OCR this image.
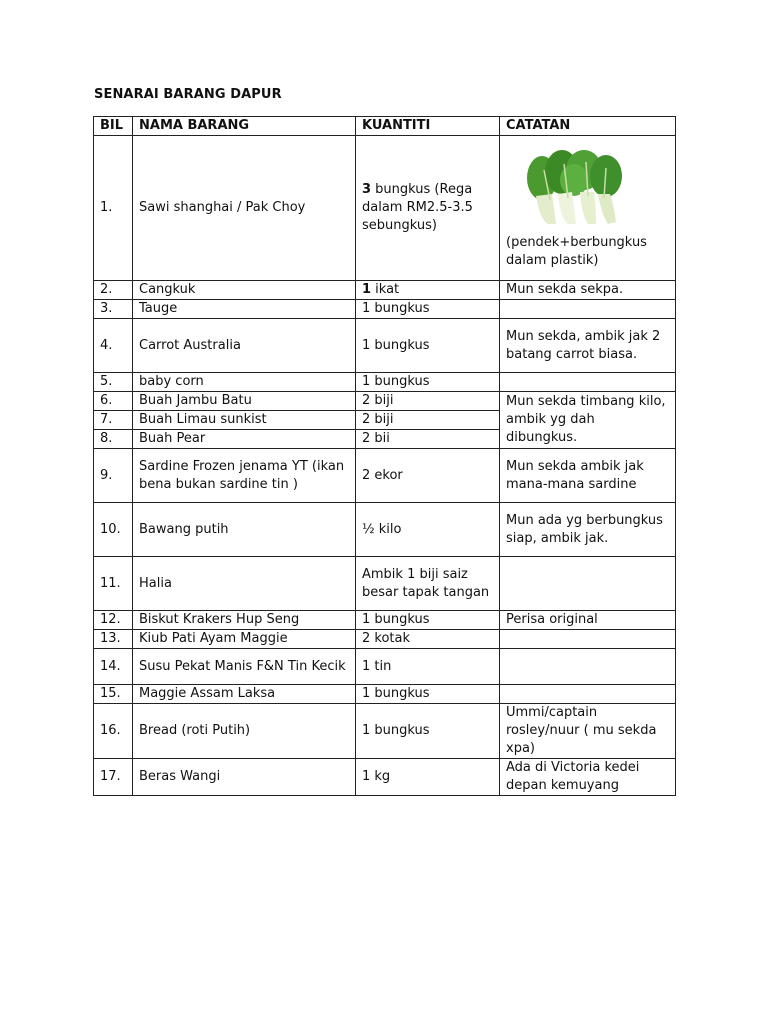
SENARAI BARANG DAPUR
BIL	NAMA BARANG	KUANTITI	CATATAN
1.	Sawi shanghai / Pak Choy	3 bungkus (Rega dalam RM2.5-3.5 sebungkus)	(pendek+berbungkus dalam plastik)

2.	Cangkuk	1 ikat	Mun sekda sekpa.
3.	Tauge	1 bungkus	
4.	Carrot Australia	1 bungkus	Mun sekda, ambik jak 2 batang carrot biasa.
5.	baby corn	1 bungkus	
6.	Buah Jambu Batu	2 biji	Mun sekda timbang kilo, ambik yg dah dibungkus.
7.	Buah Limau sunkist	2 biji	
8.	Buah Pear	2 bii	
9.	Sardine Frozen jenama YT (ikan bena bukan sardine tin )	2 ekor	Mun sekda ambik jak mana-mana sardine
10.	Bawang putih	½ kilo	Mun ada yg berbungkus siap, ambik jak.
11.	Halia	Ambik 1 biji saiz besar tapak tangan	
12.	Biskut Krakers Hup Seng	1 bungkus	Perisa original
13.	Kiub Pati Ayam Maggie	2 kotak	
14.	Susu Pekat Manis F&N Tin Kecik	1 tin	
15.	Maggie Assam Laksa	1 bungkus	
16.	Bread (roti Putih)	1 bungkus	Ummi/captain rosley/nuur ( mu sekda xpa)
17.	Beras Wangi	1 kg	Ada di Victoria kedei depan kemuyang
